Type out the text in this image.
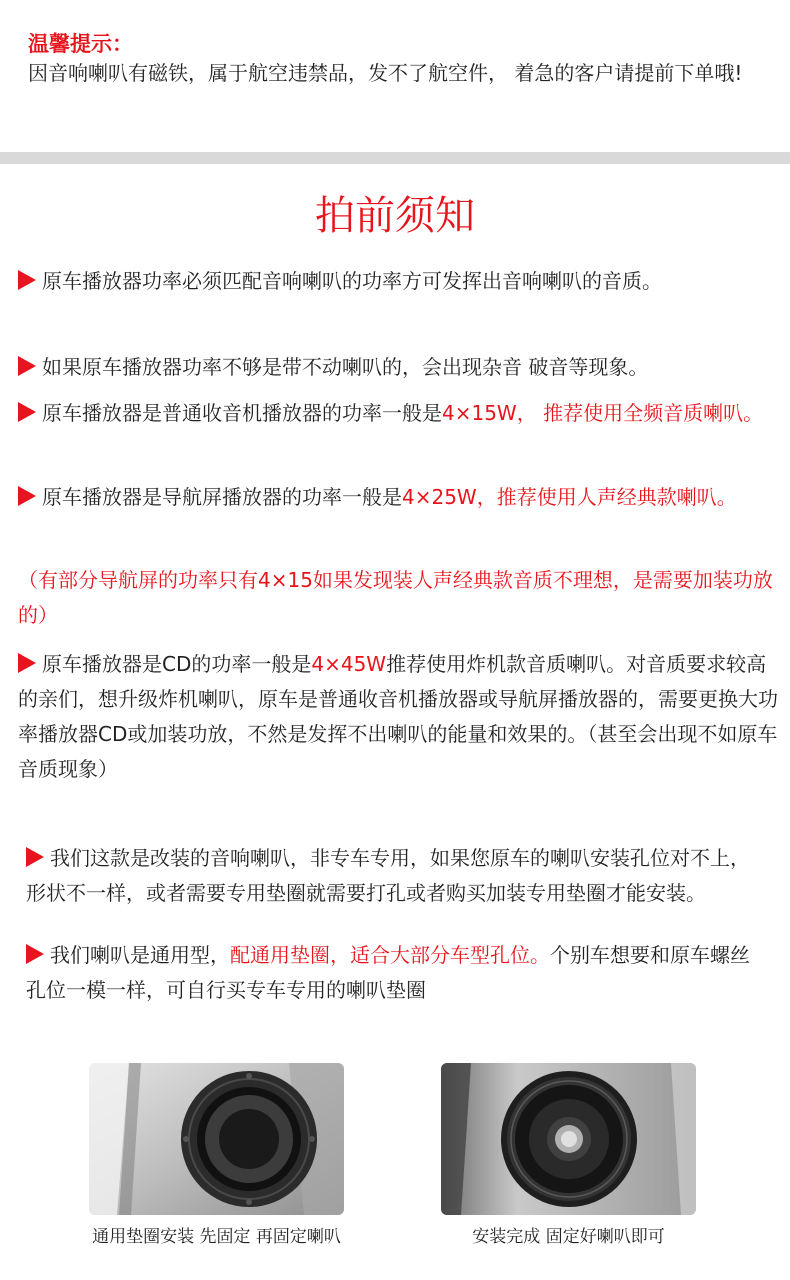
温馨提示：
因音响喇叭有磁铁，属于航空违禁品，发不了航空件， 着急的客户请提前下单哦!
拍前须知
原车播放器功率必须匹配音响喇叭的功率方可发挥出音响喇叭的音质。
如果原车播放器功率不够是带不动喇叭的，会出现杂音 破音等现象。
原车播放器是普通收音机播放器的功率一般是4×15W， 推荐使用全频音质喇叭。
原车播放器是导航屏播放器的功率一般是4×25W，推荐使用人声经典款喇叭。
（有部分导航屏的功率只有4×15如果发现装人声经典款音质不理想，是需要加装功放的）
原车播放器是CD的功率一般是4×45W推荐使用炸机款音质喇叭。对音质要求较高的亲们，想升级炸机喇叭，原车是普通收音机播放器或导航屏播放器的，需要更换大功率播放器CD或加装功放，不然是发挥不出喇叭的能量和效果的。（甚至会出现不如原车音质现象）
我们这款是改装的音响喇叭，非专车专用，如果您原车的喇叭安装孔位对不上，形状不一样，或者需要专用垫圈就需要打孔或者购买加装专用垫圈才能安装。
我们喇叭是通用型，配通用垫圈，适合大部分车型孔位。个别车想要和原车螺丝孔位一模一样，可自行买专车专用的喇叭垫圈
通用垫圈安装 先固定 再固定喇叭	安装完成 固定好喇叭即可
